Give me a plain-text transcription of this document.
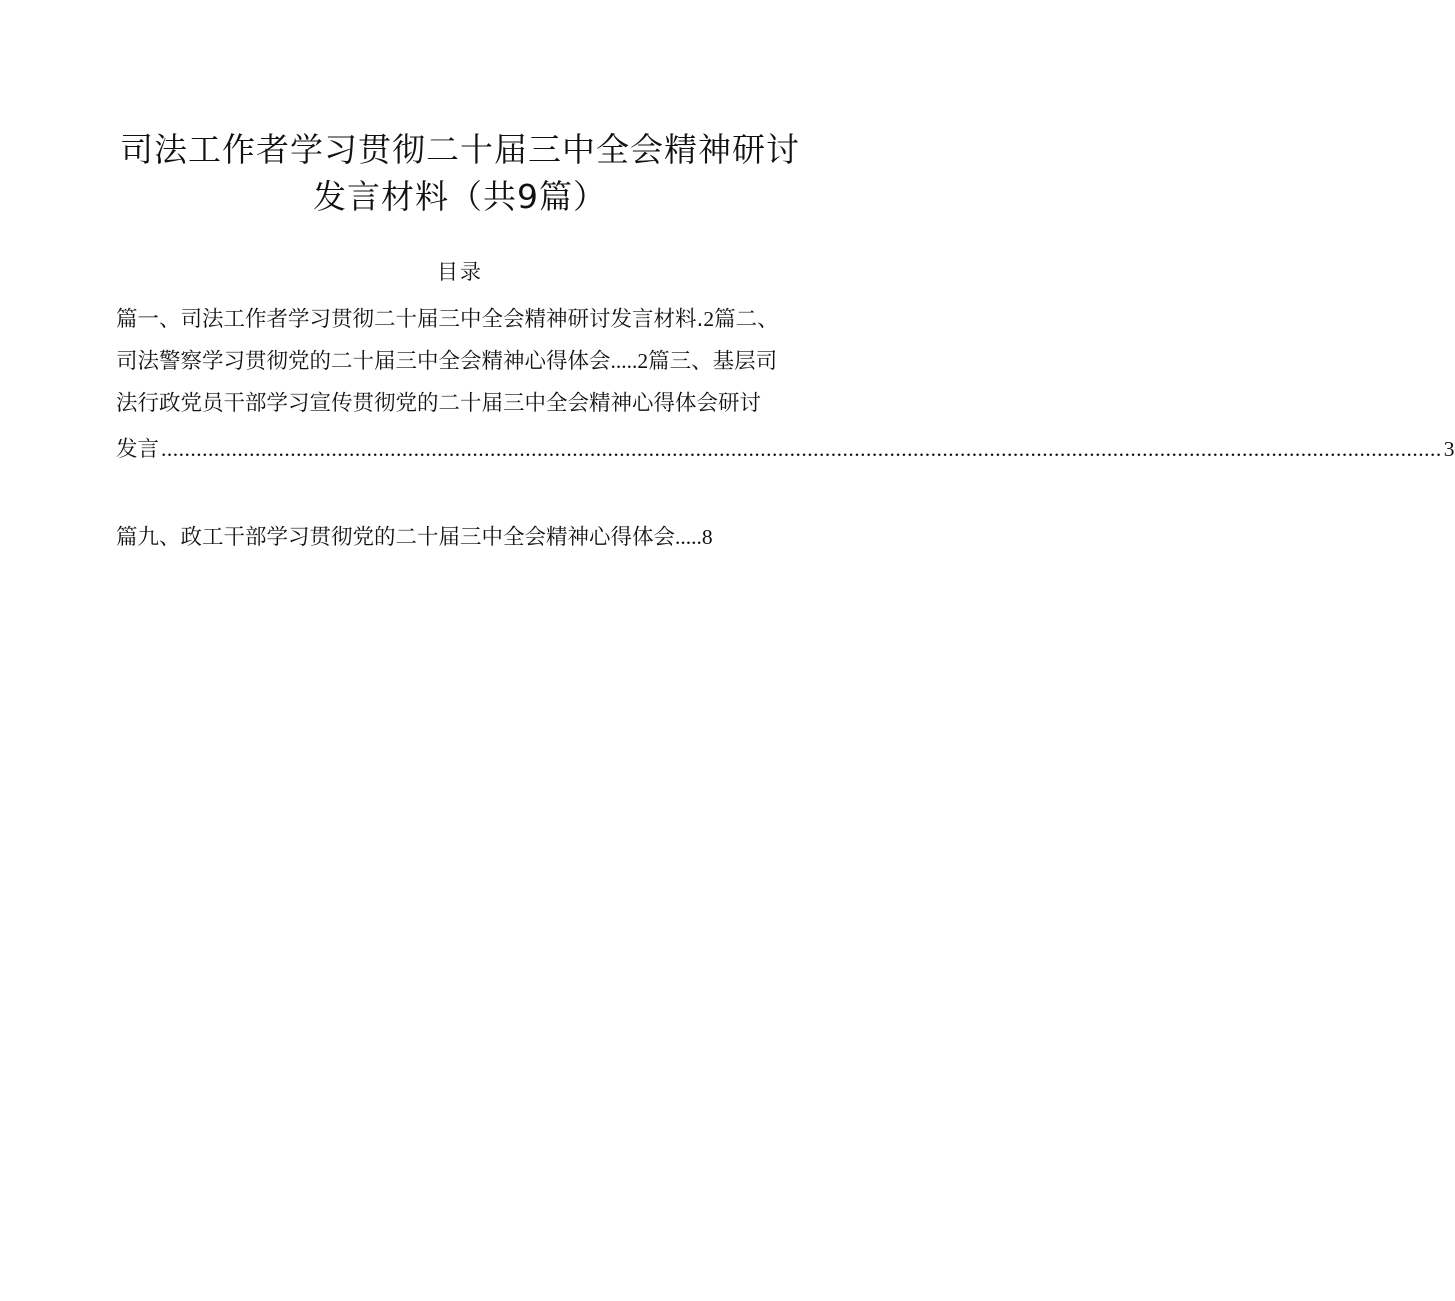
司法工作者学习贯彻二十届三中全会精神研讨
发言材料（共9篇）
目录
篇一、司法工作者学习贯彻二十届三中全会精神研讨发言材料.2篇二、
司法警察学习贯彻党的二十届三中全会精神心得体会.....2篇三、基层司
法行政党员干部学习宣传贯彻党的二十届三中全会精神心得体会研讨
发言 .......................................................................................................................................................................................................................... 3
篇九、政工干部学习贯彻党的二十届三中全会精神心得体会.....8
